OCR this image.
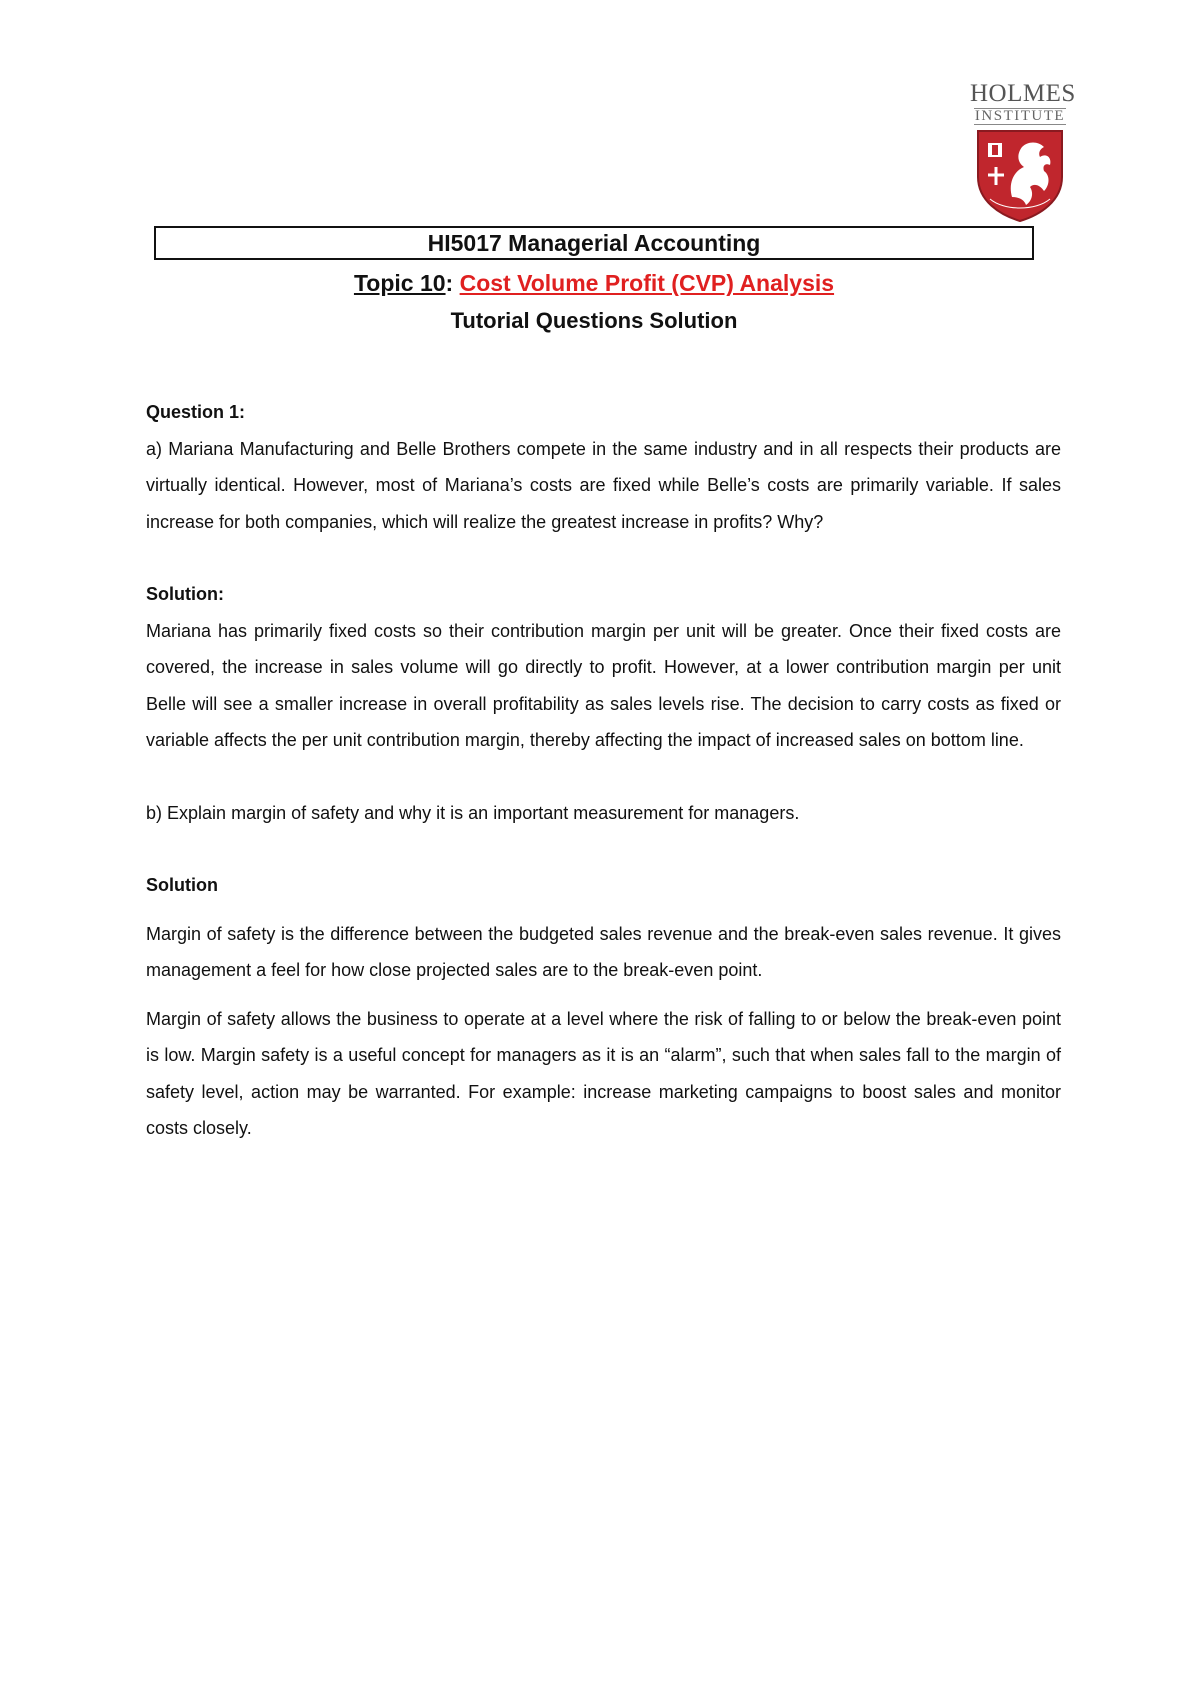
HOLMES
INSTITUTE
HI5017 Managerial Accounting
Topic 10: Cost Volume Profit (CVP) Analysis
Tutorial Questions Solution

Question 1:

a) Mariana Manufacturing and Belle Brothers compete in the same industry and in all respects their products are virtually identical. However, most of Mariana’s costs are fixed while Belle’s costs are primarily variable. If sales increase for both companies, which will realize the greatest increase in profits? Why?

Solution:

Mariana has primarily fixed costs so their contribution margin per unit will be greater. Once their fixed costs are covered, the increase in sales volume will go directly to profit. However, at a lower contribution margin per unit Belle will see a smaller increase in overall profitability as sales levels rise. The decision to carry costs as fixed or variable affects the per unit contribution margin, thereby affecting the impact of increased sales on bottom line.

b) Explain margin of safety and why it is an important measurement for managers.

Solution

Margin of safety is the difference between the budgeted sales revenue and the break-even sales revenue. It gives management a feel for how close projected sales are to the break-even point.

Margin of safety allows the business to operate at a level where the risk of falling to or below the break-even point is low. Margin safety is a useful concept for managers as it is an “alarm”, such that when sales fall to the margin of safety level, action may be warranted. For example: increase marketing campaigns to boost sales and monitor costs closely.
